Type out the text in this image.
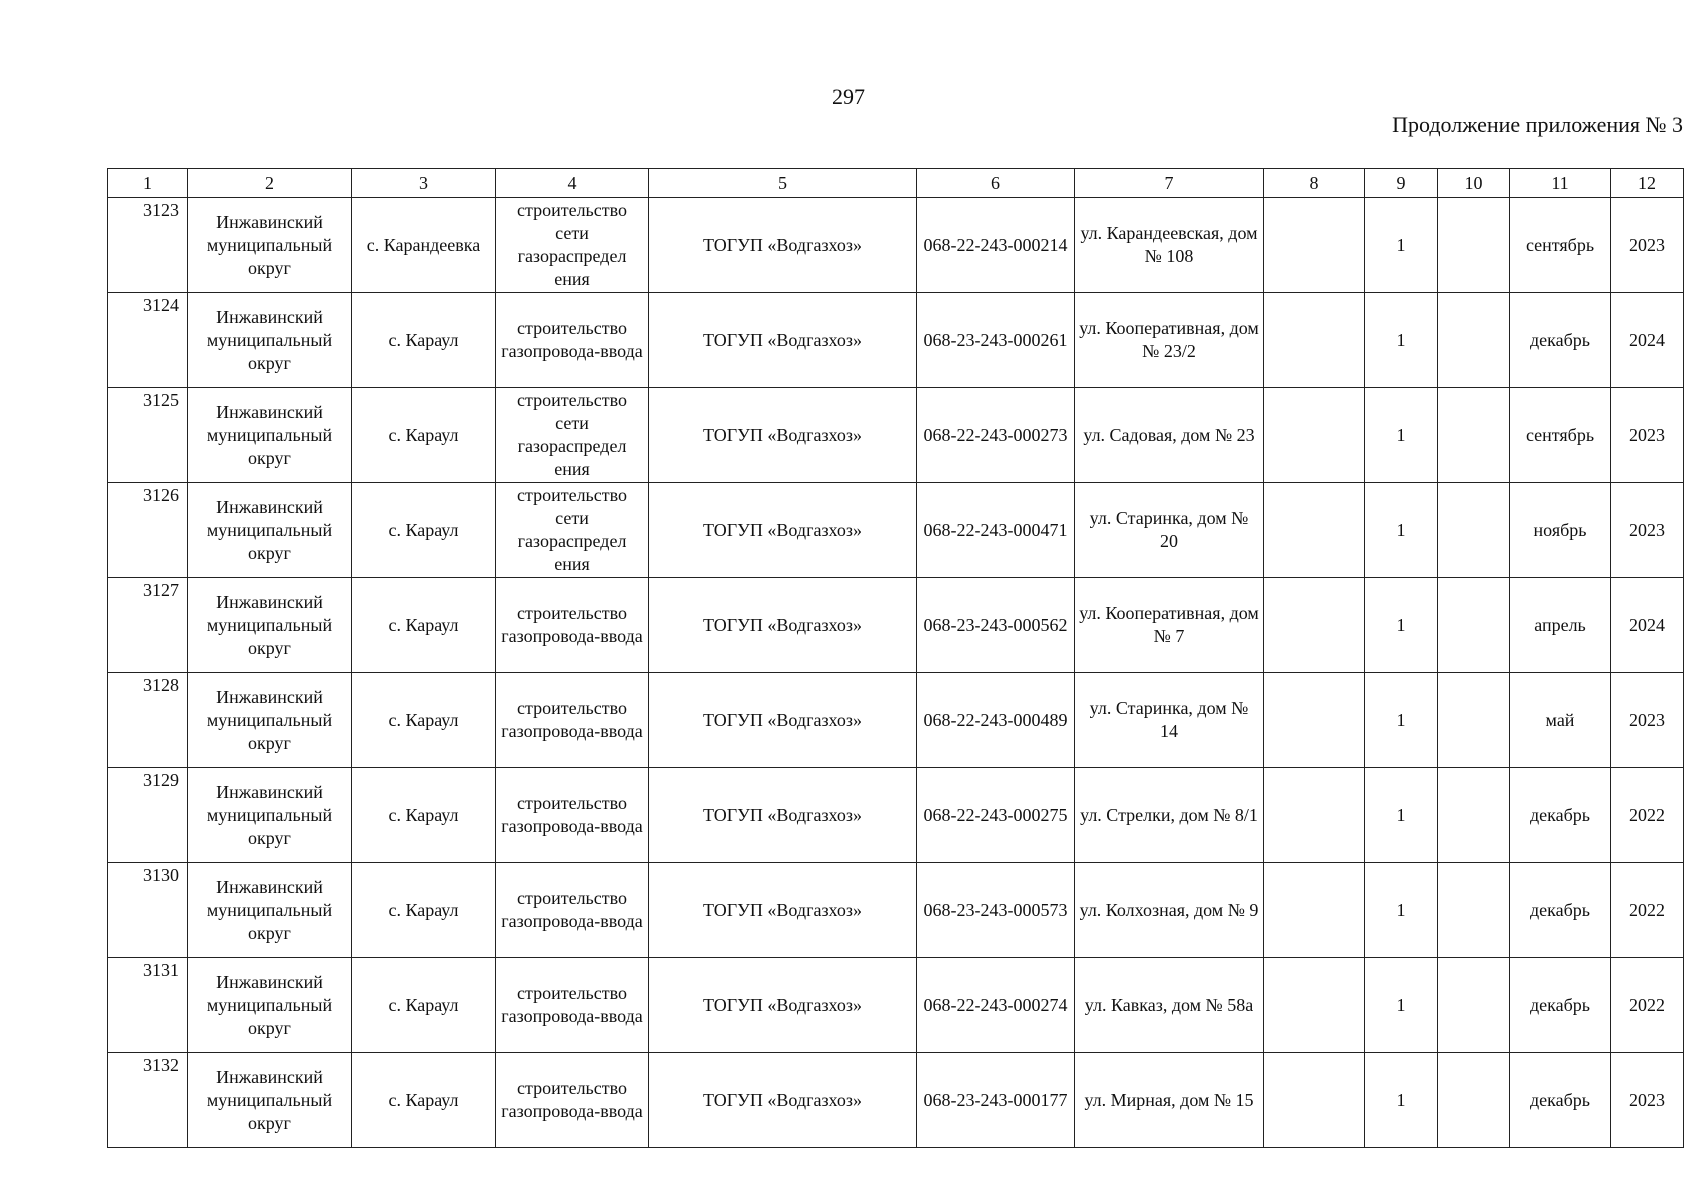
297
Продолжение приложения № 3
1	2	3	4	5	6	7	8	9	10	11	12
3123	Инжавинский муниципальный округ	с. Карандеевка	строительство сети газораспредел ения	ТОГУП «Водгазхоз»	068-22-243-000214	ул. Карандеевская, дом № 108		1		сентябрь	2023
3124	Инжавинский муниципальный округ	с. Караул	строительство газопровода-ввода	ТОГУП «Водгазхоз»	068-23-243-000261	ул. Кооперативная, дом № 23/2		1		декабрь	2024
3125	Инжавинский муниципальный округ	с. Караул	строительство сети газораспредел ения	ТОГУП «Водгазхоз»	068-22-243-000273	ул. Садовая, дом № 23		1		сентябрь	2023
3126	Инжавинский муниципальный округ	с. Караул	строительство сети газораспредел ения	ТОГУП «Водгазхоз»	068-22-243-000471	ул. Старинка, дом № 20		1		ноябрь	2023
3127	Инжавинский муниципальный округ	с. Караул	строительство газопровода-ввода	ТОГУП «Водгазхоз»	068-23-243-000562	ул. Кооперативная, дом № 7		1		апрель	2024
3128	Инжавинский муниципальный округ	с. Караул	строительство газопровода-ввода	ТОГУП «Водгазхоз»	068-22-243-000489	ул. Старинка, дом № 14		1		май	2023
3129	Инжавинский муниципальный округ	с. Караул	строительство газопровода-ввода	ТОГУП «Водгазхоз»	068-22-243-000275	ул. Стрелки, дом № 8/1		1		декабрь	2022
3130	Инжавинский муниципальный округ	с. Караул	строительство газопровода-ввода	ТОГУП «Водгазхоз»	068-23-243-000573	ул. Колхозная, дом № 9		1		декабрь	2022
3131	Инжавинский муниципальный округ	с. Караул	строительство газопровода-ввода	ТОГУП «Водгазхоз»	068-22-243-000274	ул. Кавказ, дом № 58а		1		декабрь	2022
3132	Инжавинский муниципальный округ	с. Караул	строительство газопровода-ввода	ТОГУП «Водгазхоз»	068-23-243-000177	ул. Мирная, дом № 15		1		декабрь	2023
